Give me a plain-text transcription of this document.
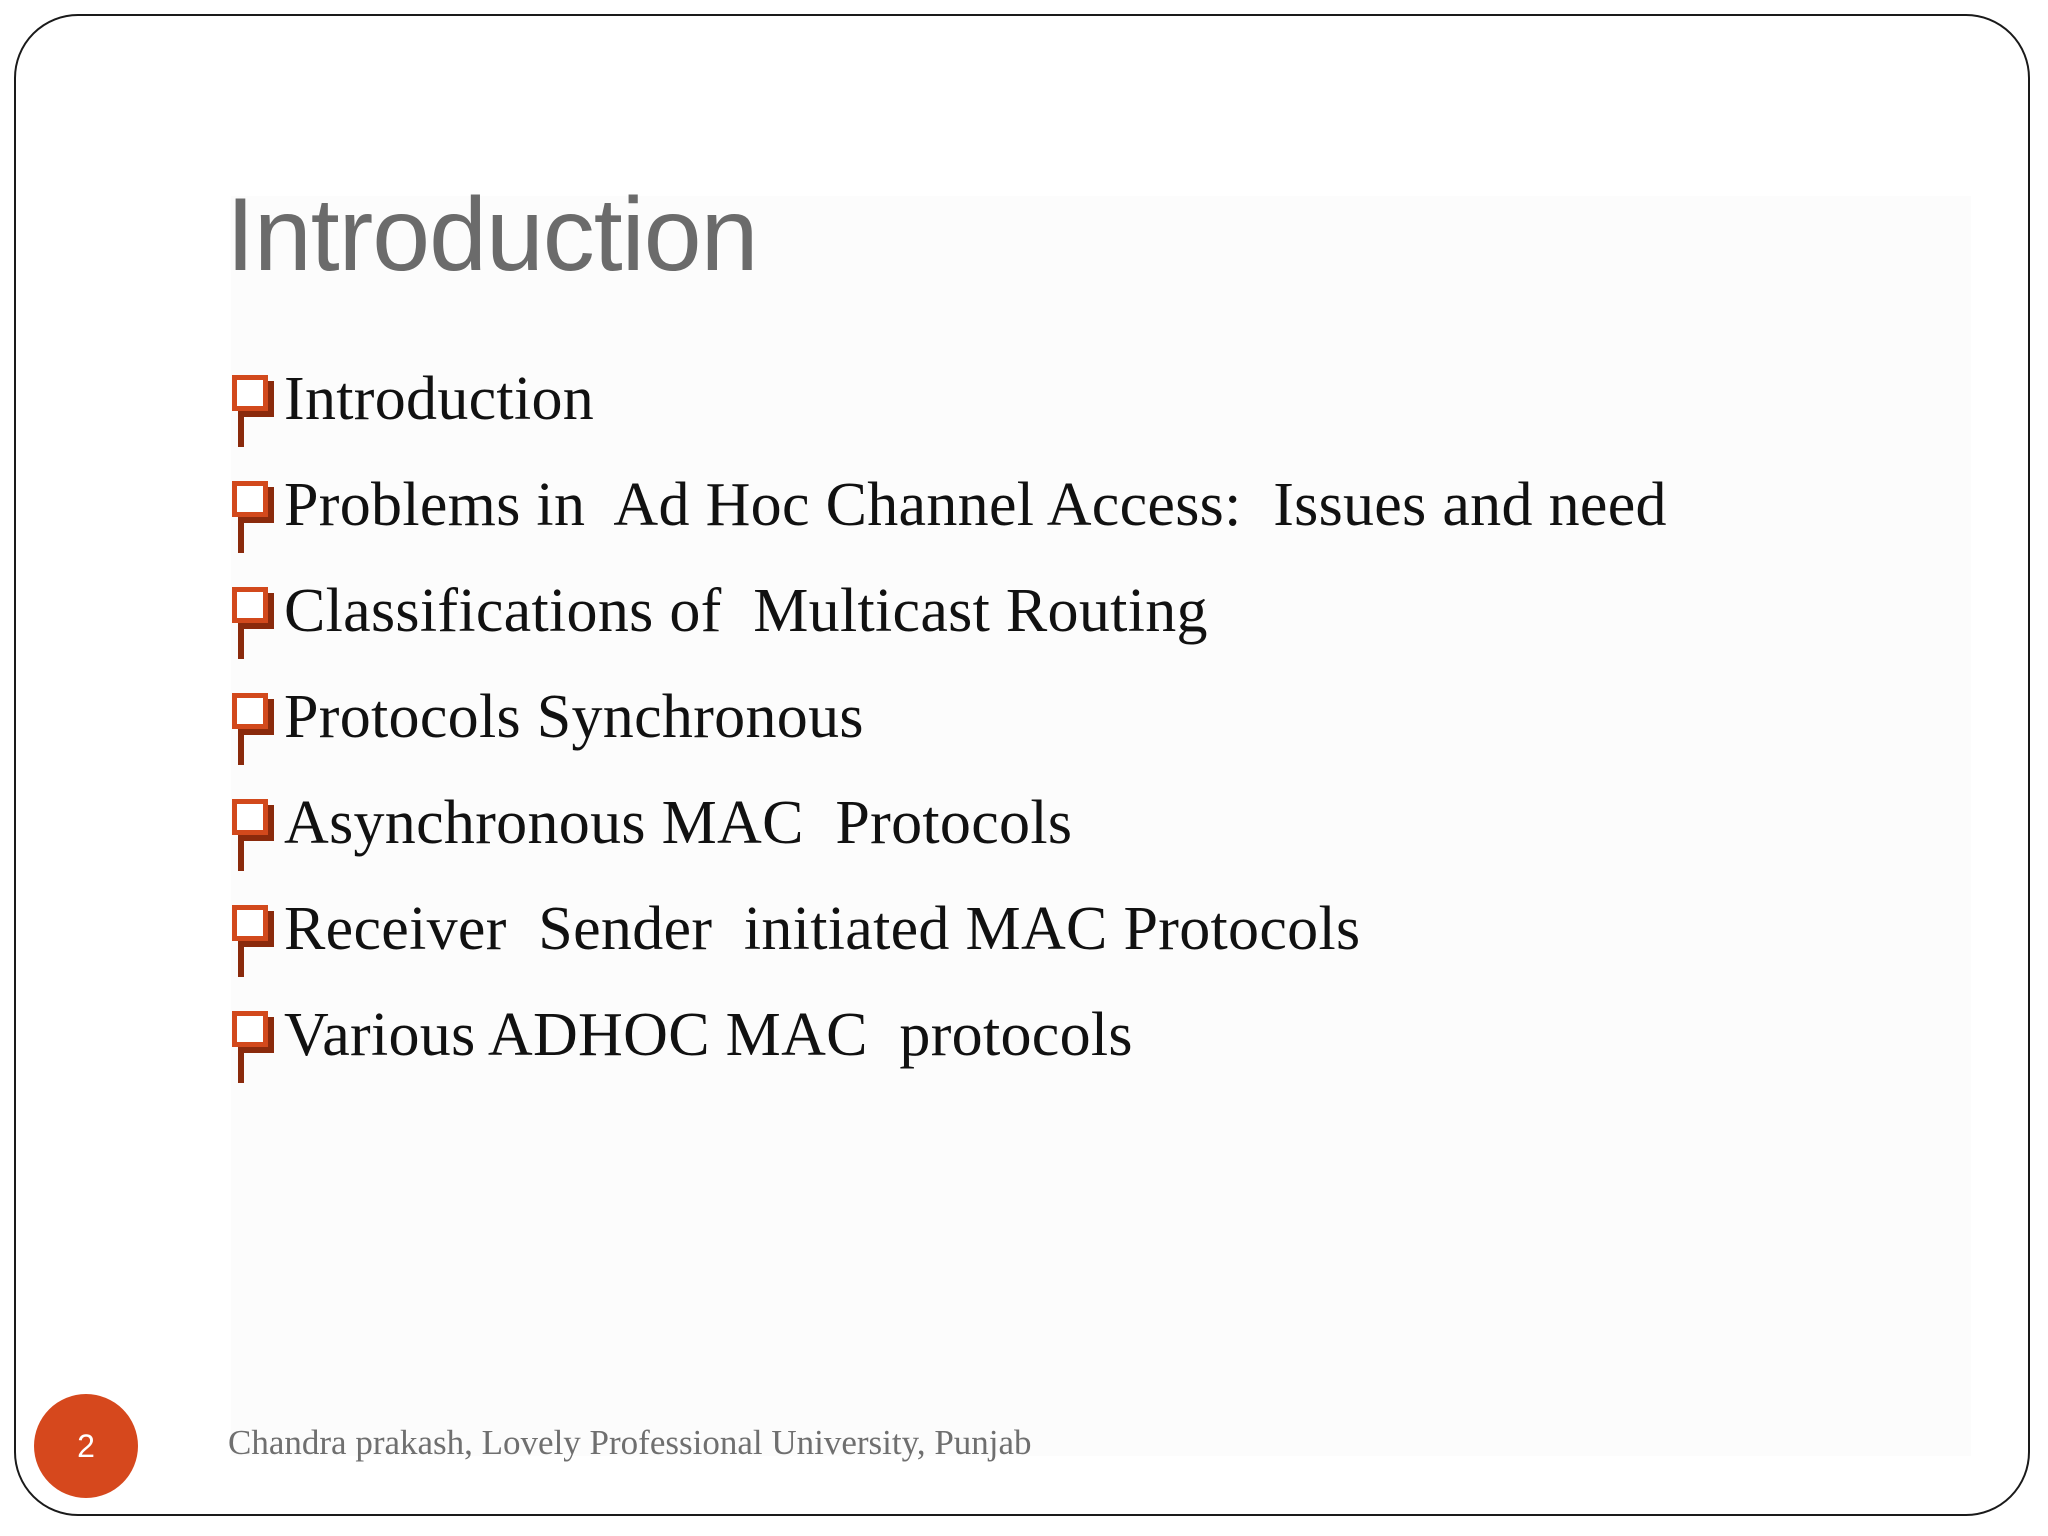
Introduction
Introduction
Problems in  Ad Hoc Channel Access:  Issues and need
Classifications of  Multicast Routing
Protocols Synchronous
Asynchronous MAC  Protocols
Receiver  Sender  initiated MAC Protocols
Various ADHOC MAC  protocols
2	Chandra prakash, Lovely Professional University, Punjab
